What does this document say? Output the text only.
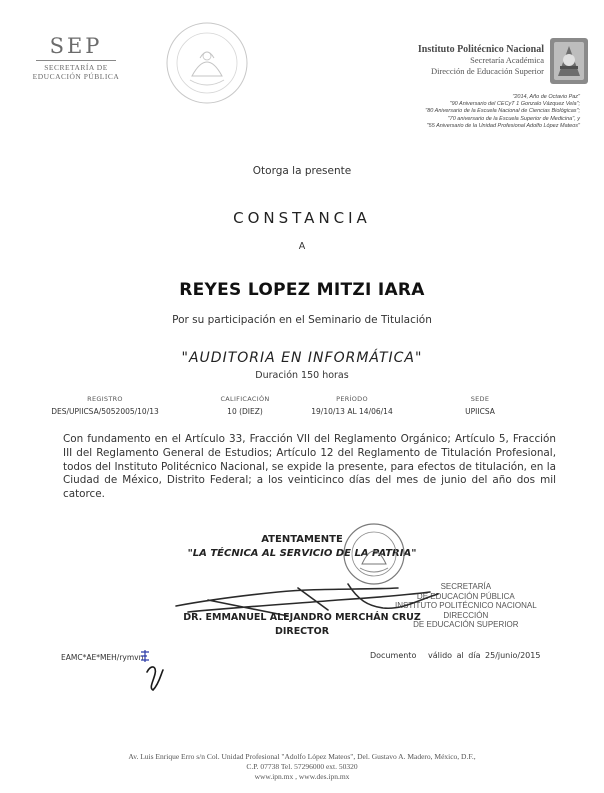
SEP
SECRETARÍA DE
EDUCACIÓN PÚBLICA
Instituto Politécnico Nacional
Secretaría Académica
Dirección de Educación Superior
"2014, Año de Octavio Paz"
"90 Aniversario del CECyT 1 Gonzalo Vázquez Vela";
"80 Aniversario de la Escuela Nacional de Ciencias Biológicas";
"70 aniversario de la Escuela Superior de Medicina", y
"55 Aniversario de la Unidad Profesional Adolfo López Mateos"
Otorga la presente
CONSTANCIA
A
REYES LOPEZ MITZI IARA
Por su participación en el Seminario de Titulación
"AUDITORIA EN INFORMÁTICA"
Duración 150 horas
REGISTRO
DES/UPIICSA/5052005/10/13
CALIFICACIÓN
10 (DIEZ)
PERÍODO
19/10/13 AL 14/06/14
SEDE
UPIICSA
Con fundamento en el Artículo 33, Fracción VII del Reglamento Orgánico; Artículo 5, Fracción III del Reglamento General de Estudios; Artículo 12 del Reglamento de Titulación Profesional, todos del Instituto Politécnico Nacional, se expide la presente, para efectos de titulación, en la Ciudad de México, Distrito Federal; a los veinticinco días del mes de junio del año dos mil catorce.
ATENTAMENTE
"LA TÉCNICA AL SERVICIO DE LA PATRIA"
SECRETARÍA
DE EDUCACIÓN PÚBLICA
INSTITUTO POLITÉCNICO NACIONAL
DIRECCIÓN
DE EDUCACIÓN SUPERIOR
DR. EMMANUEL ALEJANDRO MERCHÁN CRUZ
DIRECTOR
EAMC*AE*MEH/rymvn	Documento válido al día 25/junio/2015
Av. Luis Enrique Erro s/n Col. Unidad Profesional "Adolfo López Mateos", Del. Gustavo A. Madero, México, D.F.,
C.P. 07738 Tel. 57296000 ext. 50320
www.ipn.mx , www.des.ipn.mx
